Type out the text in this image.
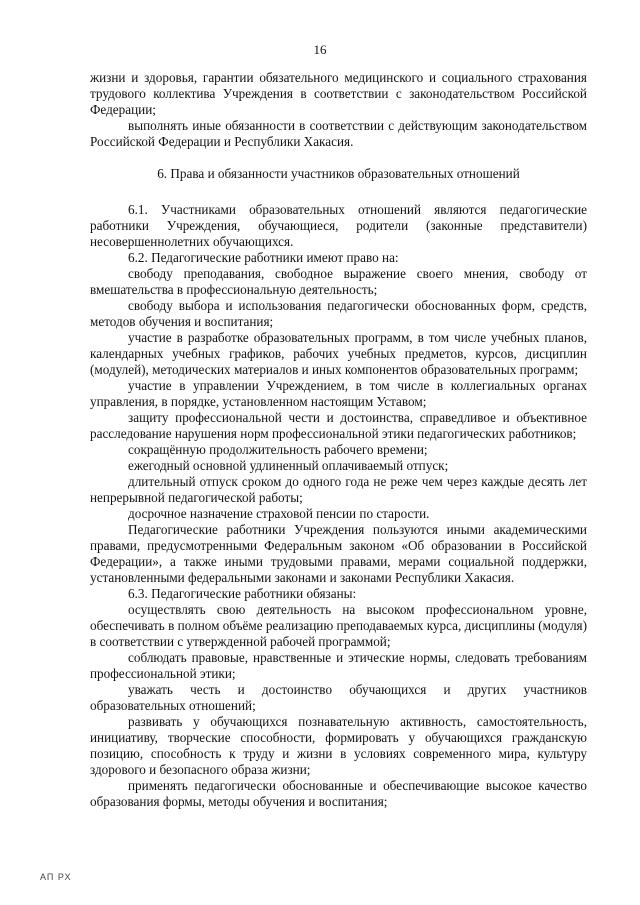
16

жизни и здоровья, гарантии обязательного медицинского и социального страхования трудового коллектива Учреждения в соответствии с законодательством Российской Федерации;

выполнять иные обязанности в соответствии с действующим законодательством Российской Федерации и Республики Хакасия.

6. Права и обязанности участников образовательных отношений

6.1. Участниками образовательных отношений являются педагогические работники Учреждения, обучающиеся, родители (законные представители) несовершеннолетних обучающихся.

6.2. Педагогические работники имеют право на:

свободу преподавания, свободное выражение своего мнения, свободу от вмешательства в профессиональную деятельность;

свободу выбора и использования педагогически обоснованных форм, средств, методов обучения и воспитания;

участие в разработке образовательных программ, в том числе учебных планов, календарных учебных графиков, рабочих учебных предметов, курсов, дисциплин (модулей), методических материалов и иных компонентов образовательных программ;

участие в управлении Учреждением, в том числе в коллегиальных органах управления, в порядке, установленном настоящим Уставом;

защиту профессиональной чести и достоинства, справедливое и объективное расследование нарушения норм профессиональной этики педагогических работников;

сокращённую продолжительность рабочего времени;

ежегодный основной удлиненный оплачиваемый отпуск;

длительный отпуск сроком до одного года не реже чем через каждые десять лет непрерывной педагогической работы;

досрочное назначение страховой пенсии по старости.

Педагогические работники Учреждения пользуются иными академическими правами, предусмотренными Федеральным законом «Об образовании в Российской Федерации», а также иными трудовыми правами, мерами социальной поддержки, установленными федеральными законами и законами Республики Хакасия.

6.3. Педагогические работники обязаны:

осуществлять свою деятельность на высоком профессиональном уровне, обеспечивать в полном объёме реализацию преподаваемых курса, дисциплины (модуля) в соответствии с утвержденной рабочей программой;

соблюдать правовые, нравственные и этические нормы, следовать требованиям профессиональной этики;

уважать честь и достоинство обучающихся и других участников образовательных отношений;

развивать у обучающихся познавательную активность, самостоятельность, инициативу, творческие способности, формировать у обучающихся гражданскую позицию, способность к труду и жизни в условиях современного мира, культуру здорового и безопасного образа жизни;

применять педагогически обоснованные и обеспечивающие высокое качество образования формы, методы обучения и воспитания;

АП РХ
